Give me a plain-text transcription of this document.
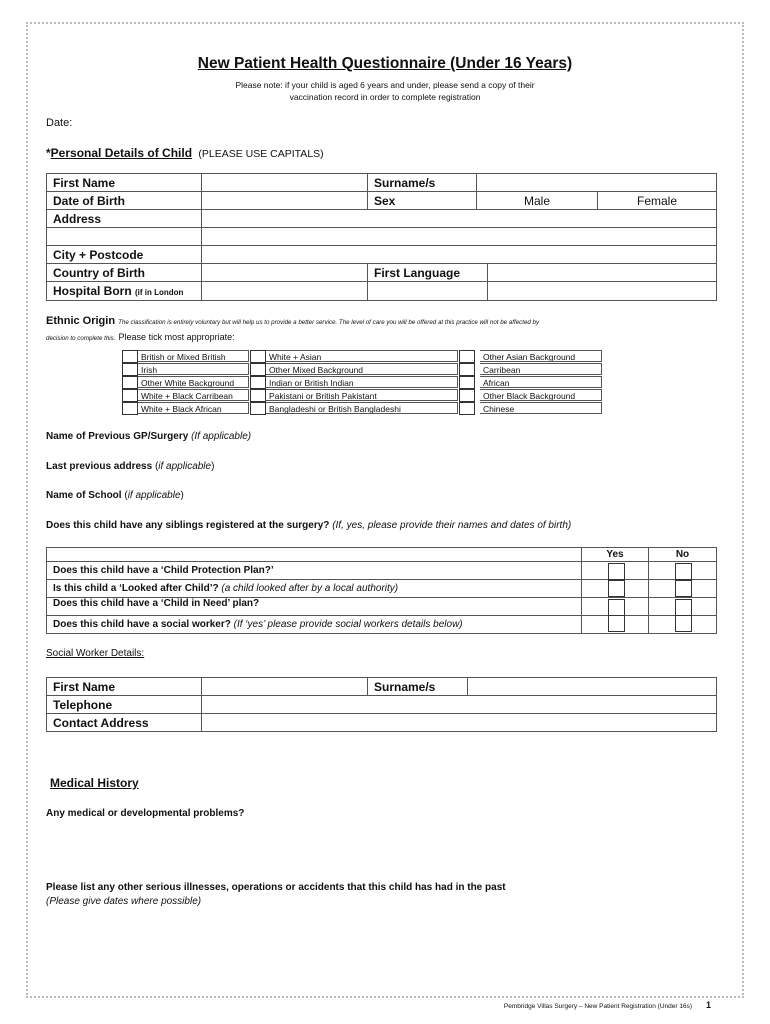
New Patient Health Questionnaire (Under 16 Years)
Please note: if your child is aged 6 years and under, please send a copy of their
vaccination record in order to complete registration
Date:
*Personal Details of Child (PLEASE USE CAPITALS)
First Name		Surname/s			
Date of Birth		Sex	Male		Female
Address					

City + Postcode					
Country of Birth		First Language			
Hospital Born (if in London					
Ethnic Origin The classification is entirely voluntary but will help us to provide a better service. The level of care you will be offered at this practice will not be affected by
decision to complete this. Please tick most appropriate:
British or Mixed British
Irish
Other White Background
White + Black Carribean
White + Black African
White + Asian
Other Mixed Background
Indian or British Indian
Pakistani or British Pakistant
Bangladeshi or British Bangladeshi
Other Asian Background
Carribean
African
Other Black Background
Chinese
Name of Previous GP/Surgery (If applicable)
Last previous address (if applicable)
Name of School (if applicable)
Does this child have any siblings registered at the surgery? (If, yes, please provide their names and dates of birth)
	Yes	No
Does this child have a ‘Child Protection Plan?’		
Is this child a ‘Looked after Child’? (a child looked after by a local authority)		
Does this child have a ‘Child in Need’ plan?		
Does this child have a social worker? (If ‘yes’ please provide social workers details below)		
Social Worker Details:
First Name		Surname/s	
Telephone			
Contact Address			
Medical History
Any medical or developmental problems?
Please list any other serious illnesses, operations or accidents that this child has had in the past
(Please give dates where possible)
Pembridge Villas Surgery – New Patient Registration (Under 16s) 1
